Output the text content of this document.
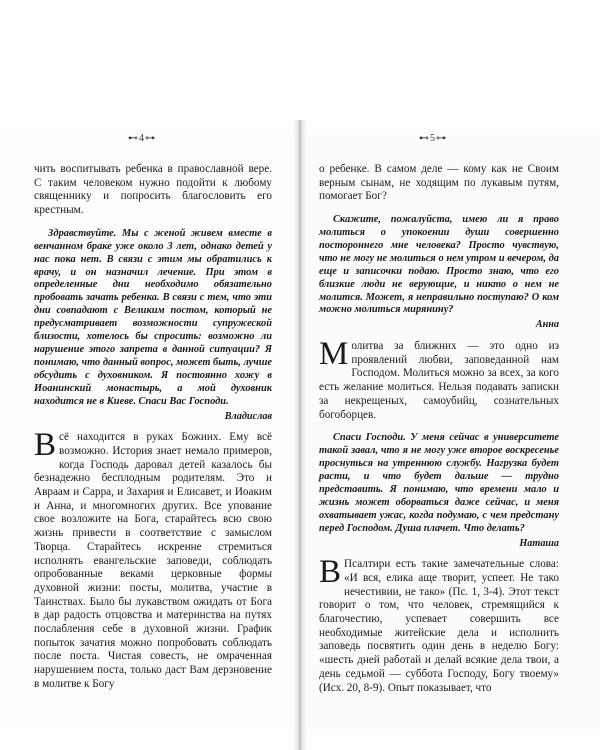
⊷4⊶

чить воспитывать ребенка в православной вере. С таким человеком нужно подойти к любому священнику и попросить благословить его крестным.

Здравствуйте. Мы с женой живем вместе в венчанном браке уже около 3 лет, однако детей у нас пока нет. В связи с этим мы обратились к врачу, и он назначил лечение. При этом в определенные дни необходимо обязательно пробовать зачать ребенка. В связи с тем, что эти дни совпадают с Великим постом, который не предусматривает возможности супружеской близости, хотелось бы спросить: возможно ли нарушение этого запрета в данной ситуации? Я понимаю, что данный вопрос, может быть, лучше обсудить с духовником. Я постоянно хожу в Иоанинский монастырь, а мой духовник находится не в Киеве. Спаси Вас Господи.

Владислав

Всё находится в руках Божиих. Ему всё возможно. История знает немало примеров, когда Господь даровал детей казалось бы безнадежно бесплодным родителям. Это и Авраам и Сарра, и Захария и Елисавет, и Иоаким и Анна, и многомногих других. Все упование свое возложите на Бога, старайтесь всю свою жизнь привести в соответствие с замыслом Творца. Старайтесь искренне стремиться исполнять евангельские заповеди, соблюдать опробованные веками церковные формы духовной жизни: посты, молитва, участие в Таинствах. Было бы лукавством ожидать от Бога в дар радость отцовства и материнства на путях послабления себе в духовной жизни. График попыток зачатия можно попробовать соблюдать после поста. Чистая совесть, не омраченная нарушением поста, только даст Вам дерзновение в молитве к Богу

⊷5⊶

о ребенке. В самом деле — кому как не Своим верным сынам, не ходящим по лукавым путям, помогает Бог?

Скажите, пожалуйста, имею ли я право молиться о упокоении души совершенно постороннего мне человека? Просто чувствую, что не могу не молиться о нем утром и вечером, да еще и записочки подаю. Просто знаю, что его близкие люди не верующие, и никто о нем не молится. Может, я неправильно поступаю? О ком можно молиться мирянину?

Анна

Молитва за ближних — это одно из проявлений любви, заповеданной нам Господом. Молиться можно за всех, за кого есть желание молиться. Нельзя подавать записки за некрещеных, самоубийц, сознательных богоборцев.

Спаси Господи. У меня сейчас в университете такой завал, что я не могу уже второе воскресенье проснуться на утреннюю службу. Нагрузка будет расти, и что будет дальше — трудно представить. Я понимаю, что времени мало и жизнь может оборваться даже сейчас, и меня охватывает ужас, когда подумаю, с чем предстану перед Господом. Душа плачет. Что делать?

Наташа

В Псалтири есть такие замечательные слова: «И вся, елика аще творит, успеет. Не тако нечестивии, не тако» (Пс. 1, 3-4). Этот текст говорит о том, что человек, стремящийся к благочестию, успевает совершить все необходимые житейские дела и исполнить заповедь посвятить один день в неделю Богу: «шесть дней работай и делай всякие дела твои, а день седьмой — суббота Господу, Богу твоему» (Исх. 20, 8-9). Опыт показывает, что
